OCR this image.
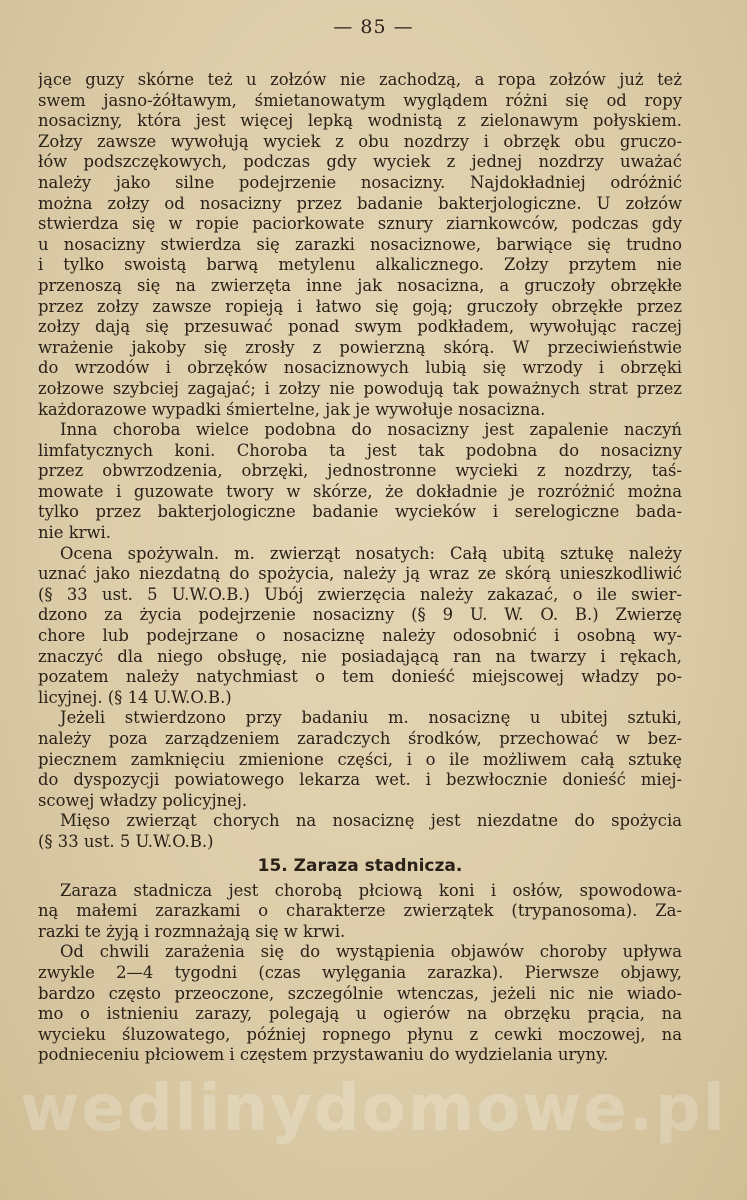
— 85 —
jące guzy skórne też u zołzów nie zachodzą, a ropa zołzów już też
swem jasno-żółtawym, śmietanowatym wyglądem różni się od ropy
nosacizny, która jest więcej lepką wodnistą z zielonawym połyskiem.
Zołzy zawsze wywołują wyciek z obu nozdrzy i obrzęk obu gruczo-
łów podszczękowych, podczas gdy wyciek z jednej nozdrzy uważać
należy jako silne podejrzenie nosacizny. Najdokładniej odróżnić
można zołzy od nosacizny przez badanie bakterjologiczne. U zołzów
stwierdza się w ropie paciorkowate sznury ziarnkowców, podczas gdy
u nosacizny stwierdza się zarazki nosaciznowe, barwiące się trudno
i tylko swoistą barwą metylenu alkalicznego. Zołzy przytem nie
przenoszą się na zwierzęta inne jak nosacizna, a gruczoły obrzękłe
przez zołzy zawsze ropieją i łatwo się goją; gruczoły obrzękłe przez
zołzy dają się przesuwać ponad swym podkładem, wywołując raczej
wrażenie jakoby się zrosły z powierzną skórą. W przeciwieństwie
do wrzodów i obrzęków nosaciznowych lubią się wrzody i obrzęki
zołzowe szybciej zagajać; i zołzy nie powodują tak poważnych strat przez
każdorazowe wypadki śmiertelne, jak je wywołuje nosacizna.
Inna choroba wielce podobna do nosacizny jest zapalenie naczyń
limfatycznych koni. Choroba ta jest tak podobna do nosacizny
przez obwrzodzenia, obrzęki, jednostronne wycieki z nozdrzy, taś-
mowate i guzowate twory w skórze, że dokładnie je rozróżnić można
tylko przez bakterjologiczne badanie wycieków i serelogiczne bada-
nie krwi.
Ocena spożywaln. m. zwierząt nosatych: Całą ubitą sztukę należy
uznać jako niezdatną do spożycia, należy ją wraz ze skórą unieszkodliwić
(§ 33 ust. 5 U.W.O.B.) Ubój zwierzęcia należy zakazać, o ile swier-
dzono za życia podejrzenie nosacizny (§ 9 U. W. O. B.) Zwierzę
chore lub podejrzane o nosaciznę należy odosobnić i osobną wy-
znaczyć dla niego obsługę, nie posiadającą ran na twarzy i rękach,
pozatem należy natychmiast o tem donieść miejscowej władzy po-
licyjnej. (§ 14 U.W.O.B.)
Jeżeli stwierdzono przy badaniu m. nosaciznę u ubitej sztuki,
należy poza zarządzeniem zaradczych środków, przechować w bez-
piecznem zamknięciu zmienione części, i o ile możliwem całą sztukę
do dyspozycji powiatowego lekarza wet. i bezwłocznie donieść miej-
scowej władzy policyjnej.
Mięso zwierząt chorych na nosaciznę jest niezdatne do spożycia
(§ 33 ust. 5 U.W.O.B.)
15. Zaraza stadnicza.
Zaraza stadnicza jest chorobą płciową koni i osłów, spowodowa-
ną małemi zarazkami o charakterze zwierzątek (trypanosoma). Za-
razki te żyją i rozmnażają się w krwi.
Od chwili zarażenia się do wystąpienia objawów choroby upływa
zwykle 2—4 tygodni (czas wylęgania zarazka). Pierwsze objawy,
bardzo często przeoczone, szczególnie wtenczas, jeżeli nic nie wiado-
mo o istnieniu zarazy, polegają u ogierów na obrzęku prącia, na
wycieku śluzowatego, później ropnego płynu z cewki moczowej, na
podnieceniu płciowem i częstem przystawaniu do wydzielania uryny.
wedlinydomowe.pl
